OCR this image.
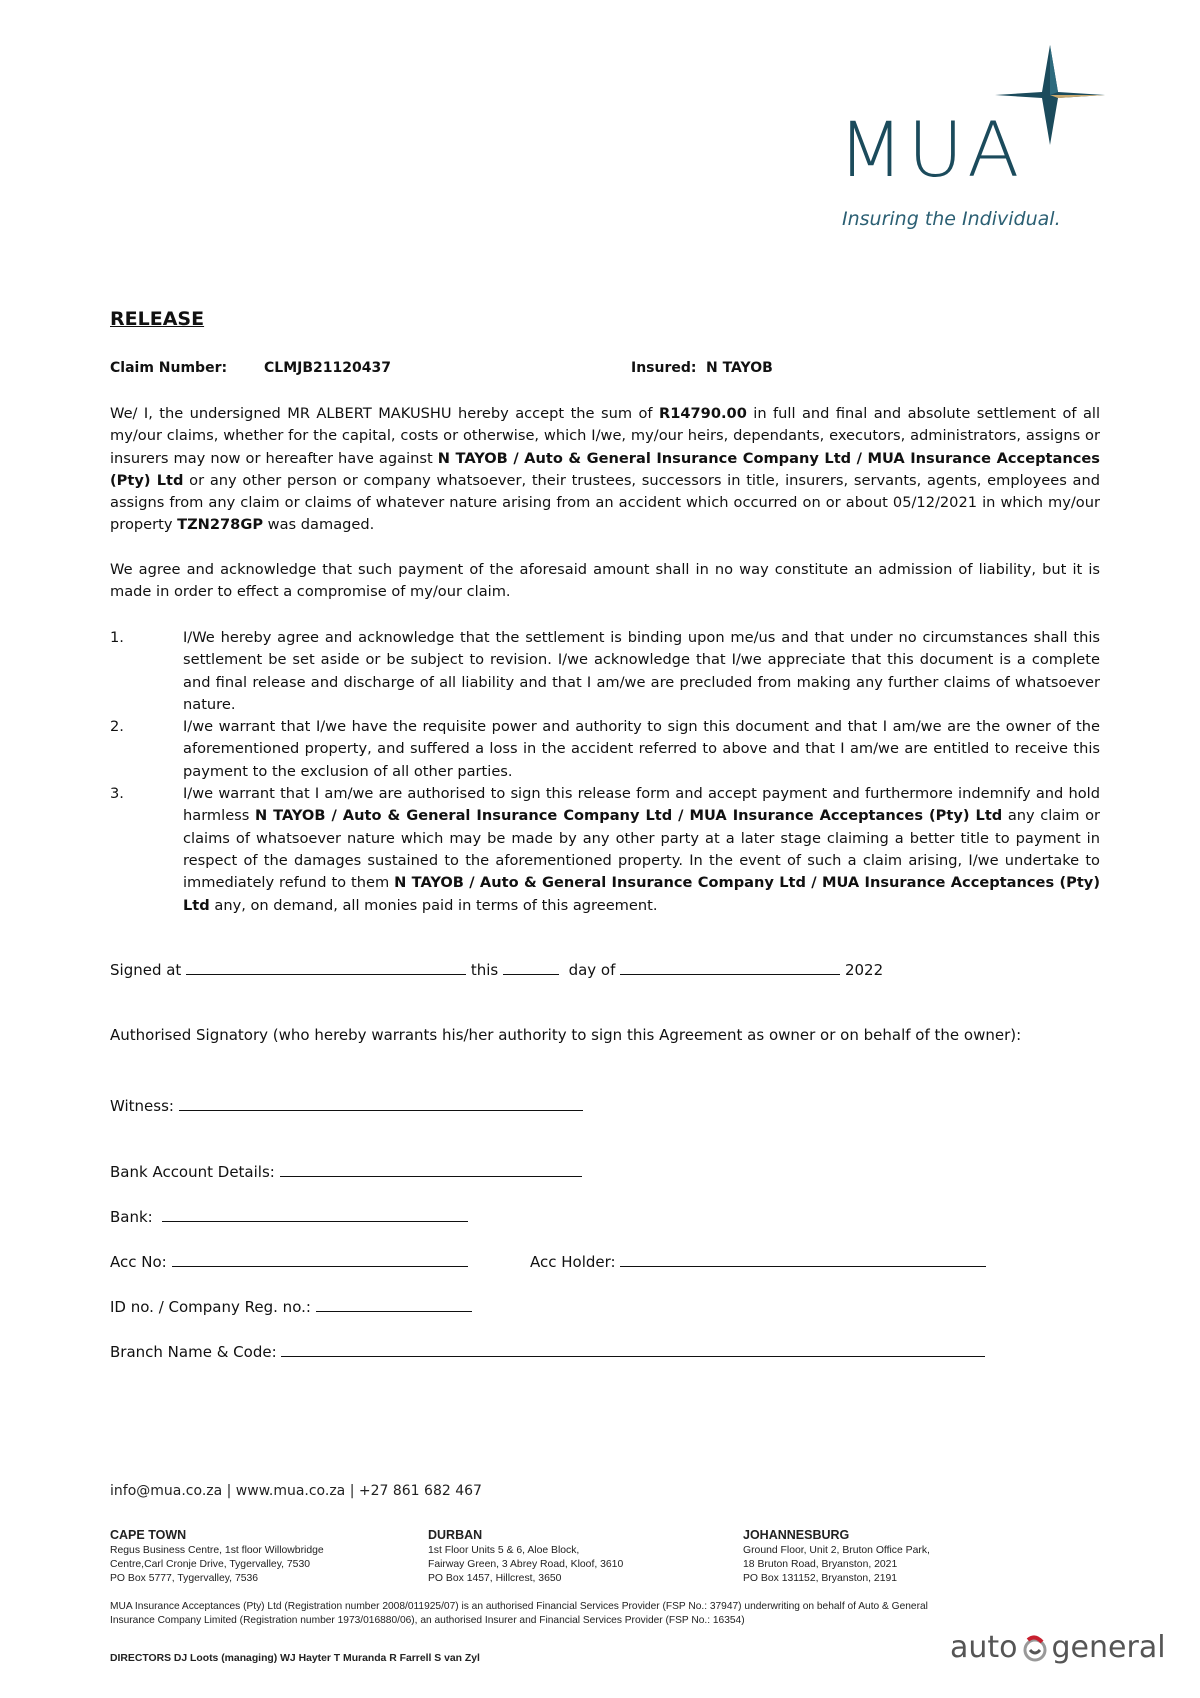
MUA
Insuring the Individual.
RELEASE
Claim Number:	CLMJB21120437	Insured: N TAYOB
We/ I, the undersigned MR ALBERT MAKUSHU hereby accept the sum of R14790.00 in full and final and absolute settlement of all my/our claims, whether for the capital, costs or otherwise, which I/we, my/our heirs, dependants, executors, administrators, assigns or insurers may now or hereafter have against N TAYOB / Auto & General Insurance Company Ltd / MUA Insurance Acceptances (Pty) Ltd or any other person or company whatsoever, their trustees, successors in title, insurers, servants, agents, employees and assigns from any claim or claims of whatever nature arising from an accident which occurred on or about 05/12/2021 in which my/our property TZN278GP was damaged.
We agree and acknowledge that such payment of the aforesaid amount shall in no way constitute an admission of liability, but it is made in order to effect a compromise of my/our claim.
1.	I/We hereby agree and acknowledge that the settlement is binding upon me/us and that under no circumstances shall this settlement be set aside or be subject to revision. I/we acknowledge that I/we appreciate that this document is a complete and final release and discharge of all liability and that I am/we are precluded from making any further claims of whatsoever nature.
2.	I/we warrant that I/we have the requisite power and authority to sign this document and that I am/we are the owner of the aforementioned property, and suffered a loss in the accident referred to above and that I am/we are entitled to receive this payment to the exclusion of all other parties.
3.	I/we warrant that I am/we are authorised to sign this release form and accept payment and furthermore indemnify and hold harmless N TAYOB / Auto & General Insurance Company Ltd / MUA Insurance Acceptances (Pty) Ltd any claim or claims of whatsoever nature which may be made by any other party at a later stage claiming a better title to payment in respect of the damages sustained to the aforementioned property. In the event of such a claim arising, I/we undertake to immediately refund to them N TAYOB / Auto & General Insurance Company Ltd / MUA Insurance Acceptances (Pty) Ltd any, on demand, all monies paid in terms of this agreement.
Signed at	this	day of	2022
Authorised Signatory (who hereby warrants his/her authority to sign this Agreement as owner or on behalf of the owner):
Witness:
Bank Account Details:
Bank:
Acc No:	Acc Holder:
ID no. / Company Reg. no.:
Branch Name & Code:
info@mua.co.za | www.mua.co.za | +27 861 682 467
CAPE TOWN
Regus Business Centre, 1st floor Willowbridge
Centre,Carl Cronje Drive, Tygervalley, 7530
PO Box 5777, Tygervalley, 7536
DURBAN
1st Floor Units 5 & 6, Aloe Block,
Fairway Green, 3 Abrey Road, Kloof, 3610
PO Box 1457, Hillcrest, 3650
JOHANNESBURG
Ground Floor, Unit 2, Bruton Office Park,
18 Bruton Road, Bryanston, 2021
PO Box 131152, Bryanston, 2191
MUA Insurance Acceptances (Pty) Ltd (Registration number 2008/011925/07) is an authorised Financial Services Provider (FSP No.: 37947) underwriting on behalf of Auto & General Insurance Company Limited (Registration number 1973/016880/06), an authorised Insurer and Financial Services Provider (FSP No.: 16354)
DIRECTORS DJ Loots (managing) WJ Hayter T Muranda R Farrell S van Zyl	auto general
